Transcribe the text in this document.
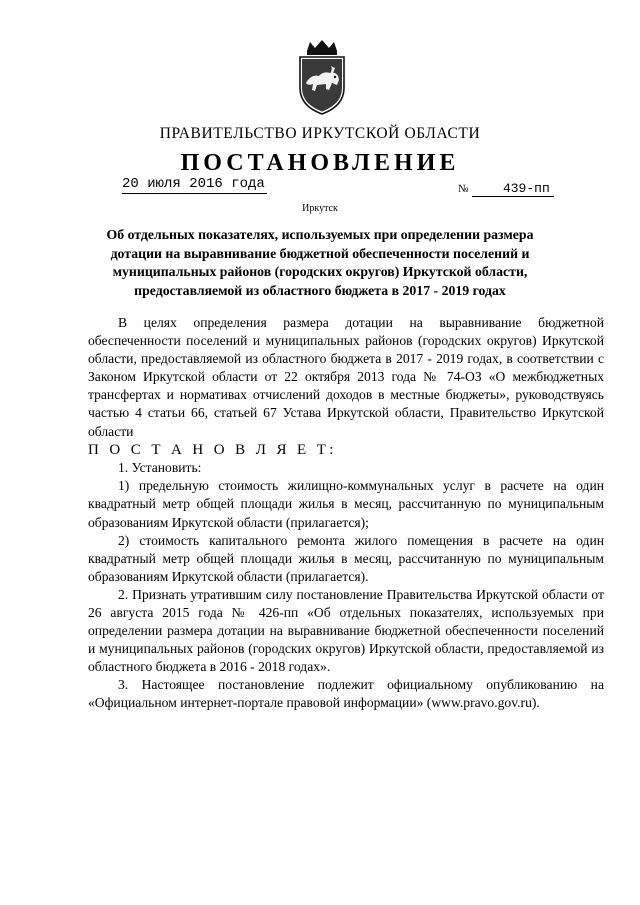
ПРАВИТЕЛЬСТВО ИРКУТСКОЙ ОБЛАСТИ
ПОСТАНОВЛЕНИЕ
20 июля 2016 года	№	439-пп
Иркутск
Об отдельных показателях, используемых при определении размера дотации на выравнивание бюджетной обеспеченности поселений и муниципальных районов (городских округов) Иркутской области, предоставляемой из областного бюджета в 2017 - 2019 годах

В целях определения размера дотации на выравнивание бюджетной обеспеченности поселений и муниципальных районов (городских округов) Иркутской области, предоставляемой из областного бюджета в 2017 - 2019 годах, в соответствии с Законом Иркутской области от 22 октября 2013 года № 74-ОЗ «О межбюджетных трансфертах и нормативах отчислений доходов в местные бюджеты», руководствуясь частью 4 статьи 66, статьей 67 Устава Иркутской области, Правительство Иркутской области

П О С Т А Н О В Л Я Е Т:

1. Установить:

1) предельную стоимость жилищно-коммунальных услуг в расчете на один квадратный метр общей площади жилья в месяц, рассчитанную по муниципальным образованиям Иркутской области (прилагается);

2) стоимость капитального ремонта жилого помещения в расчете на один квадратный метр общей площади жилья в месяц, рассчитанную по муниципальным образованиям Иркутской области (прилагается).

2. Признать утратившим силу постановление Правительства Иркутской области от 26 августа 2015 года № 426-пп «Об отдельных показателях, используемых при определении размера дотации на выравнивание бюджетной обеспеченности поселений и муниципальных районов (городских округов) Иркутской области, предоставляемой из областного бюджета в 2016 - 2018 годах».

3. Настоящее постановление подлежит официальному опубликованию на «Официальном интернет-портале правовой информации» (www.pravo.gov.ru).
